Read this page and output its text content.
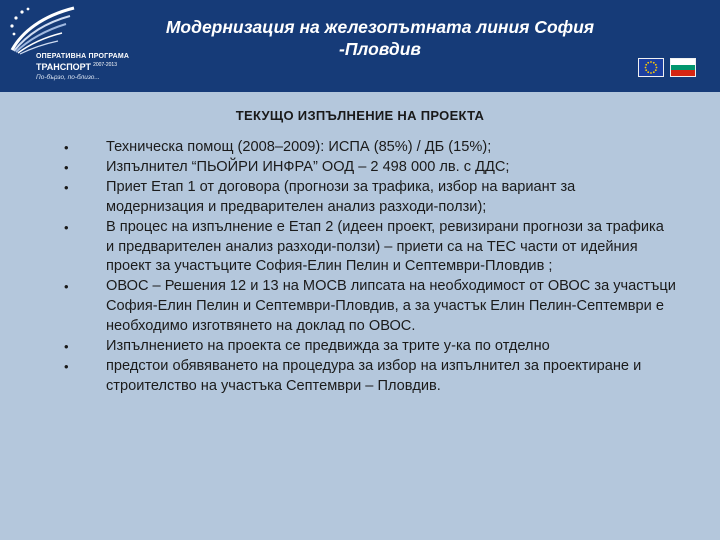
ОПЕРАТИВНА ПРОГРАМА
ТРАНСПОРТ $^{2007-2013}$
По-бързо, по-близо...
Модернизация на железопътната линия София
-Пловдив
ТЕКУЩО ИЗПЪЛНЕНИЕ НА ПРОЕКТА
•	Техническа помощ (2008–2009): ИСПА (85%) / ДБ (15%);
•	Изпълнител “ПЬОЙРИ ИНФРА” ООД – 2 498 000 лв. с ДДС;
•	Приет Етап 1 от договора (прогнози за трафика, избор на вариант за модернизация и предварителен анализ разходи-ползи);
•	В процес на изпълнение е Етап 2 (идеен проект, ревизирани прогнози за трафика и предварителен анализ разходи-ползи) – приети са на ТЕС части от идейния проект за участъците София-Елин Пелин и Септември-Пловдив ;
•	ОВОС – Решения 12 и 13 на МОСВ липсата на необходимост от ОВОС за участъци София-Елин Пелин и Септември-Пловдив, а за участък Елин Пелин-Септември е необходимо изготвянето на доклад по ОВОС.
•	Изпълнението на проекта се предвижда за трите у-ка по отделно
•	предстои обявяването на процедура за избор на изпълнител за проектиране и строителство на участъка Септември – Пловдив.
